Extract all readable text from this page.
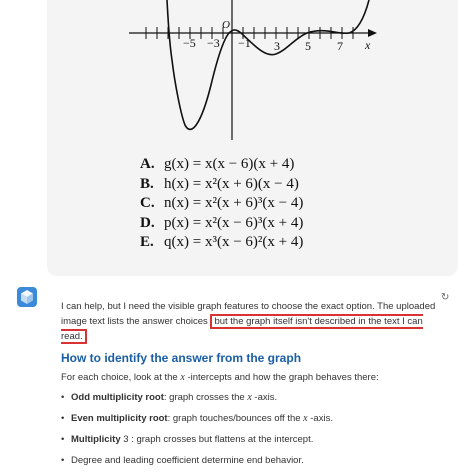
−5 −3 −1 3 5 7 x
O
A. g(x) = x(x − 6)(x + 4)
B. h(x) = x²(x + 6)(x − 4)
C. n(x) = x²(x + 6)³(x − 4)
D. p(x) = x²(x − 6)³(x + 4)
E. q(x) = x³(x − 6)²(x + 4)
↻

I can help, but I need the visible graph features to choose the exact option. The uploaded image text lists the answer choices but the graph itself isn't described in the text I can read.

How to identify the answer from the graph

For each choice, look at the x -intercepts and how the graph behaves there:

• Odd multiplicity root: graph crosses the x -axis.
• Even multiplicity root: graph touches/bounces off the x -axis.
• Multiplicity 3 : graph crosses but flattens at the intercept.
• Degree and leading coefficient determine end behavior.
